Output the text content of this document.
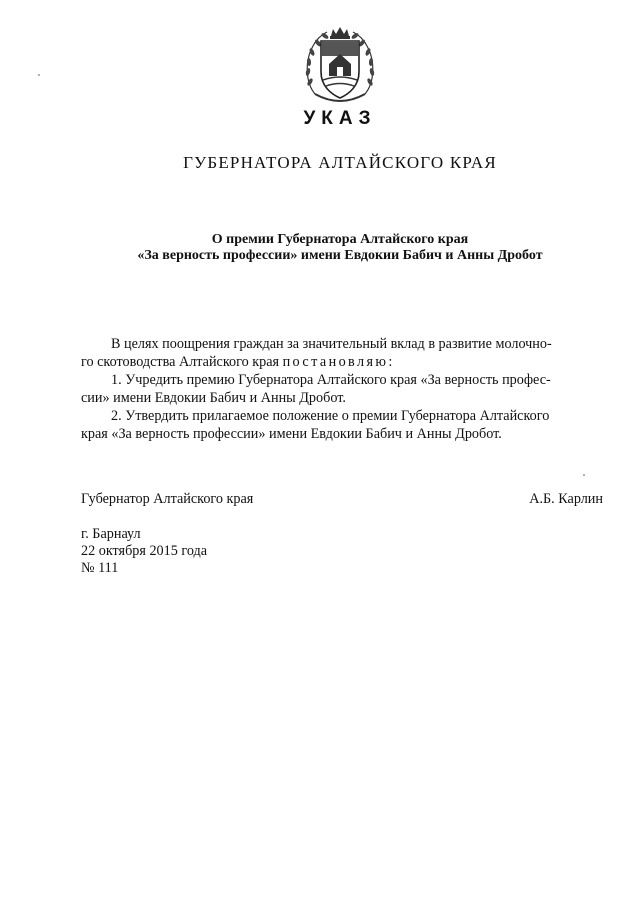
УКАЗ
ГУБЕРНАТОРА АЛТАЙСКОГО КРАЯ
О премии Губернатора Алтайского края
«За верность профессии» имени Евдокии Бабич и Анны Дробот
В целях поощрения граждан за значительный вклад в развитие молочно-
го скотоводства Алтайского края постановляю:
1. Учредить премию Губернатора Алтайского края «За верность профес-
сии» имени Евдокии Бабич и Анны Дробот.
2. Утвердить прилагаемое положение о премии Губернатора Алтайского
края «За верность профессии» имени Евдокии Бабич и Анны Дробот.
Губернатор Алтайского края	А.Б. Карлин
г. Барнаул
22 октября 2015 года
№ 111
